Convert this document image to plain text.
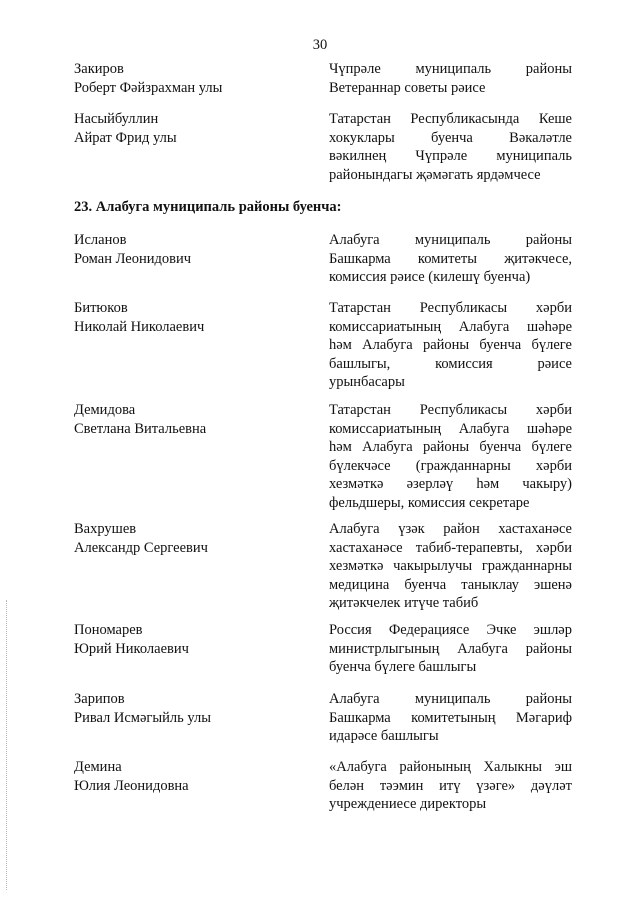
30
Закиров
Роберт Фәйзрахман улы
Чүпрәле муниципаль районы
Ветераннар советы рәисе
Насыйбуллин
Айрат Фрид улы
Татарстан Республикасында Кеше
хокуклары буенча Вәкаләтле
вәкилнең Чүпрәле муниципаль
районындагы җәмәгать ярдәмчесе
23. Алабуга муниципаль районы буенча:
Исланов
Роман Леонидович
Алабуга муниципаль районы
Башкарма комитеты җитәкчесе,
комиссия рәисе (килешү буенча)
Битюков
Николай Николаевич
Татарстан Республикасы хәрби
комиссариатының Алабуга шәһәре
һәм Алабуга районы буенча бүлеге
башлыгы, комиссия рәисе
урынбасары
Демидова
Светлана Витальевна
Татарстан Республикасы хәрби
комиссариатының Алабуга шәһәре
һәм Алабуга районы буенча бүлеге
бүлекчәсе (гражданнарны хәрби
хезмәткә әзерләү һәм чакыру)
фельдшеры, комиссия секретаре
Вахрушев
Александр Сергеевич
Алабуга үзәк район хастаханәсе
хастаханәсе табиб-терапевты, хәрби
хезмәткә чакырылучы гражданнарны
медицина буенча таныклау эшенә
җитәкчелек итүче табиб
Пономарев
Юрий Николаевич
Россия Федерациясе Эчке эшләр
министрлыгының Алабуга районы
буенча бүлеге башлыгы
Зарипов
Ривал Исмәгыйль улы
Алабуга муниципаль районы
Башкарма комитетының Мәгариф
идарәсе башлыгы
Демина
Юлия Леонидовна
«Алабуга районының Халыкны эш
белән тәэмин итү үзәге» дәүләт
учреждениесе директоры
